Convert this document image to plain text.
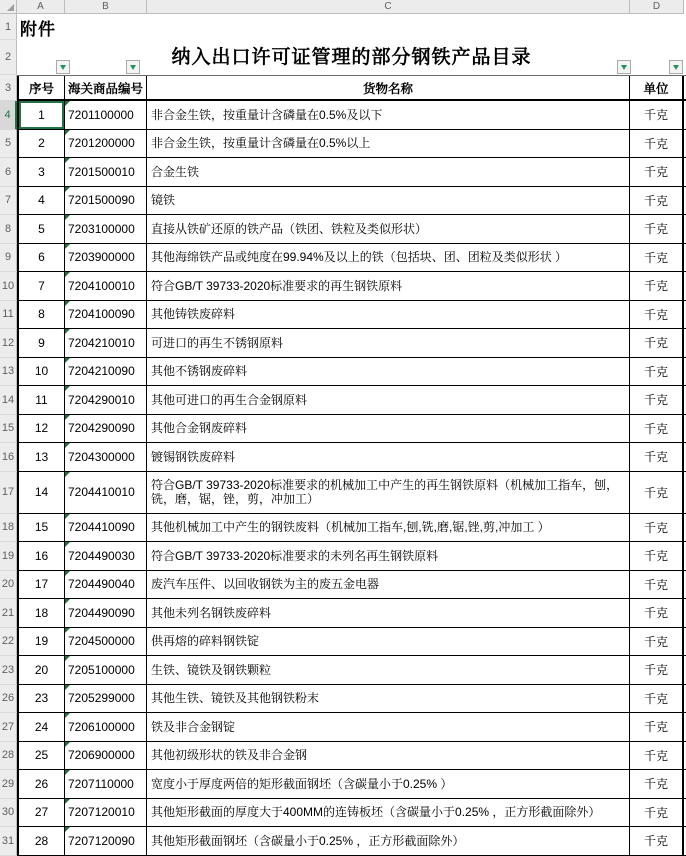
A	B	C	D
1 附件
2	纳入出口许可证管理的部分钢铁产品目录
3	序号	海关商品编号	货物名称	单位
4	1	7201100000	非合金生铁，按重量计含磷量在0.5%及以下	千克
5	2	7201200000	非合金生铁，按重量计含磷量在0.5%以上	千克
6	3	7201500010	合金生铁	千克
7	4	7201500090	镜铁	千克
8	5	7203100000	直接从铁矿还原的铁产品（铁团、铁粒及类似形状）	千克
9	6	7203900000	其他海绵铁产品或纯度在99.94%及以上的铁（包括块、团、团粒及类似形状 ）	千克
10	7	7204100010	符合GB/T 39733-2020标准要求的再生钢铁原料	千克
11	8	7204100090	其他铸铁废碎料	千克
12	9	7204210010	可进口的再生不锈钢原料	千克
13	10	7204210090	其他不锈钢废碎料	千克
14	11	7204290010	其他可进口的再生合金钢原料	千克
15	12	7204290090	其他合金钢废碎料	千克
16	13	7204300000	镀锡钢铁废碎料	千克
17	14	7204410010	符合GB/T 39733-2020标准要求的机械加工中产生的再生钢铁原料（机械加工指车，刨，铣，磨，锯，锉，剪，冲加工）	千克
18	15	7204410090	其他机械加工中产生的钢铁废料（机械加工指车,刨,铣,磨,锯,锉,剪,冲加工 ）	千克
19	16	7204490030	符合GB/T 39733-2020标准要求的未列名再生钢铁原料	千克
20	17	7204490040	废汽车压件、以回收钢铁为主的废五金电器	千克
21	18	7204490090	其他未列名钢铁废碎料	千克
22	19	7204500000	供再熔的碎料钢铁锭	千克
23	20	7205100000	生铁、镜铁及钢铁颗粒	千克
26	23	7205299000	其他生铁、镜铁及其他钢铁粉末	千克
27	24	7206100000	铁及非合金钢锭	千克
28	25	7206900000	其他初级形状的铁及非合金钢	千克
29	26	7207110000	宽度小于厚度两倍的矩形截面钢坯（含碳量小于0.25% ）	千克
30	27	7207120010	其他矩形截面的厚度大于400MM的连铸板坯（含碳量小于0.25% ，正方形截面除外）	千克
31	28	7207120090	其他矩形截面钢坯（含碳量小于0.25% ，正方形截面除外）	千克
